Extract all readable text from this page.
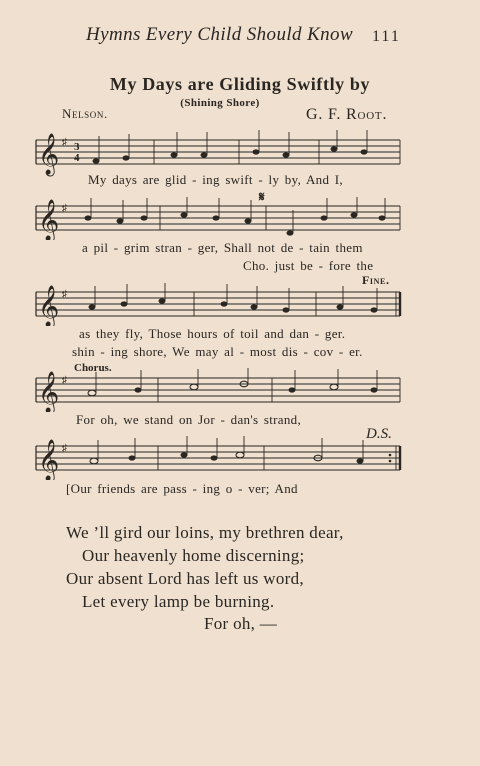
Hymns Every Child Should Know 111
My Days are Gliding Swiftly by
(Shining Shore)
Nelson.	G. F. Root.
𝄞 ♯ 3
4
My days are glid - ing swift - ly by, And I,
𝄋
𝄞 ♯
a pil - grim stran - ger, Shall not de - tain them
Cho. just be - fore the
Fine.
𝄞 ♯
as they fly, Those hours of toil and dan - ger.
shin - ing shore, We may al - most dis - cov - er.
Chorus.
𝄞 ♯
For oh, we stand on Jor - dan's strand,
D.S.
𝄞 ♯
[Our friends are pass - ing o - ver; And
We ’ll gird our loins, my brethren dear,
Our heavenly home discerning;
Our absent Lord has left us word,
Let every lamp be burning.
For oh, —
